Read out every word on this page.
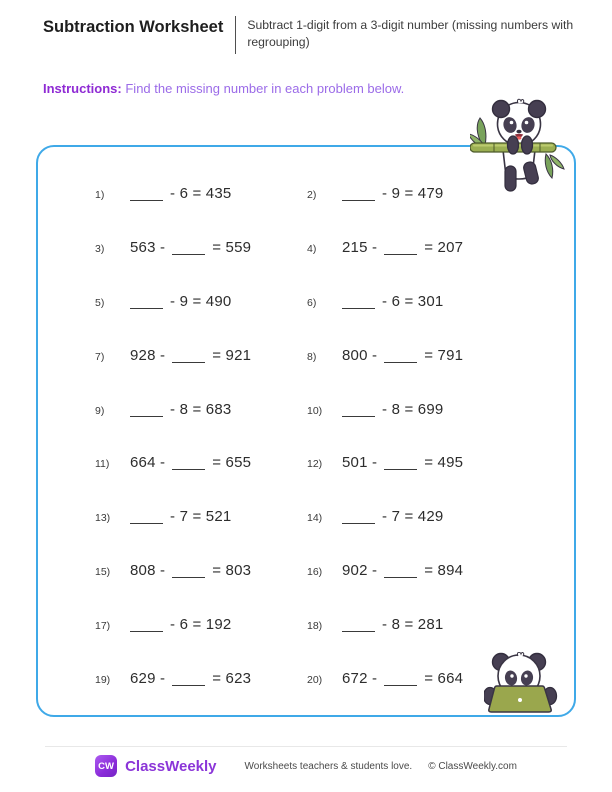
Subtraction Worksheet Subtract 1-digit from a 3-digit number (missing numbers with regrouping)
Instructions: Find the missing number in each problem below.
1)	- 6 = 435	2)	- 9 = 479
3)	563 -	= 559	4)	215 -	= 207
5)	- 9 = 490	6)	- 6 = 301
7)	928 -	= 921	8)	800 -	= 791
9)	- 8 = 683	10)	- 8 = 699
11)	664 -	= 655	12)	501 -	= 495
13)	- 7 = 521	14)	- 7 = 429
15)	808 -	= 803	16)	902 -	= 894
17)	- 6 = 192	18)	- 8 = 281
19)	629 -	= 623	20)	672 -	= 664
CW ClassWeekly	Worksheets teachers & students love. © ClassWeekly.com
